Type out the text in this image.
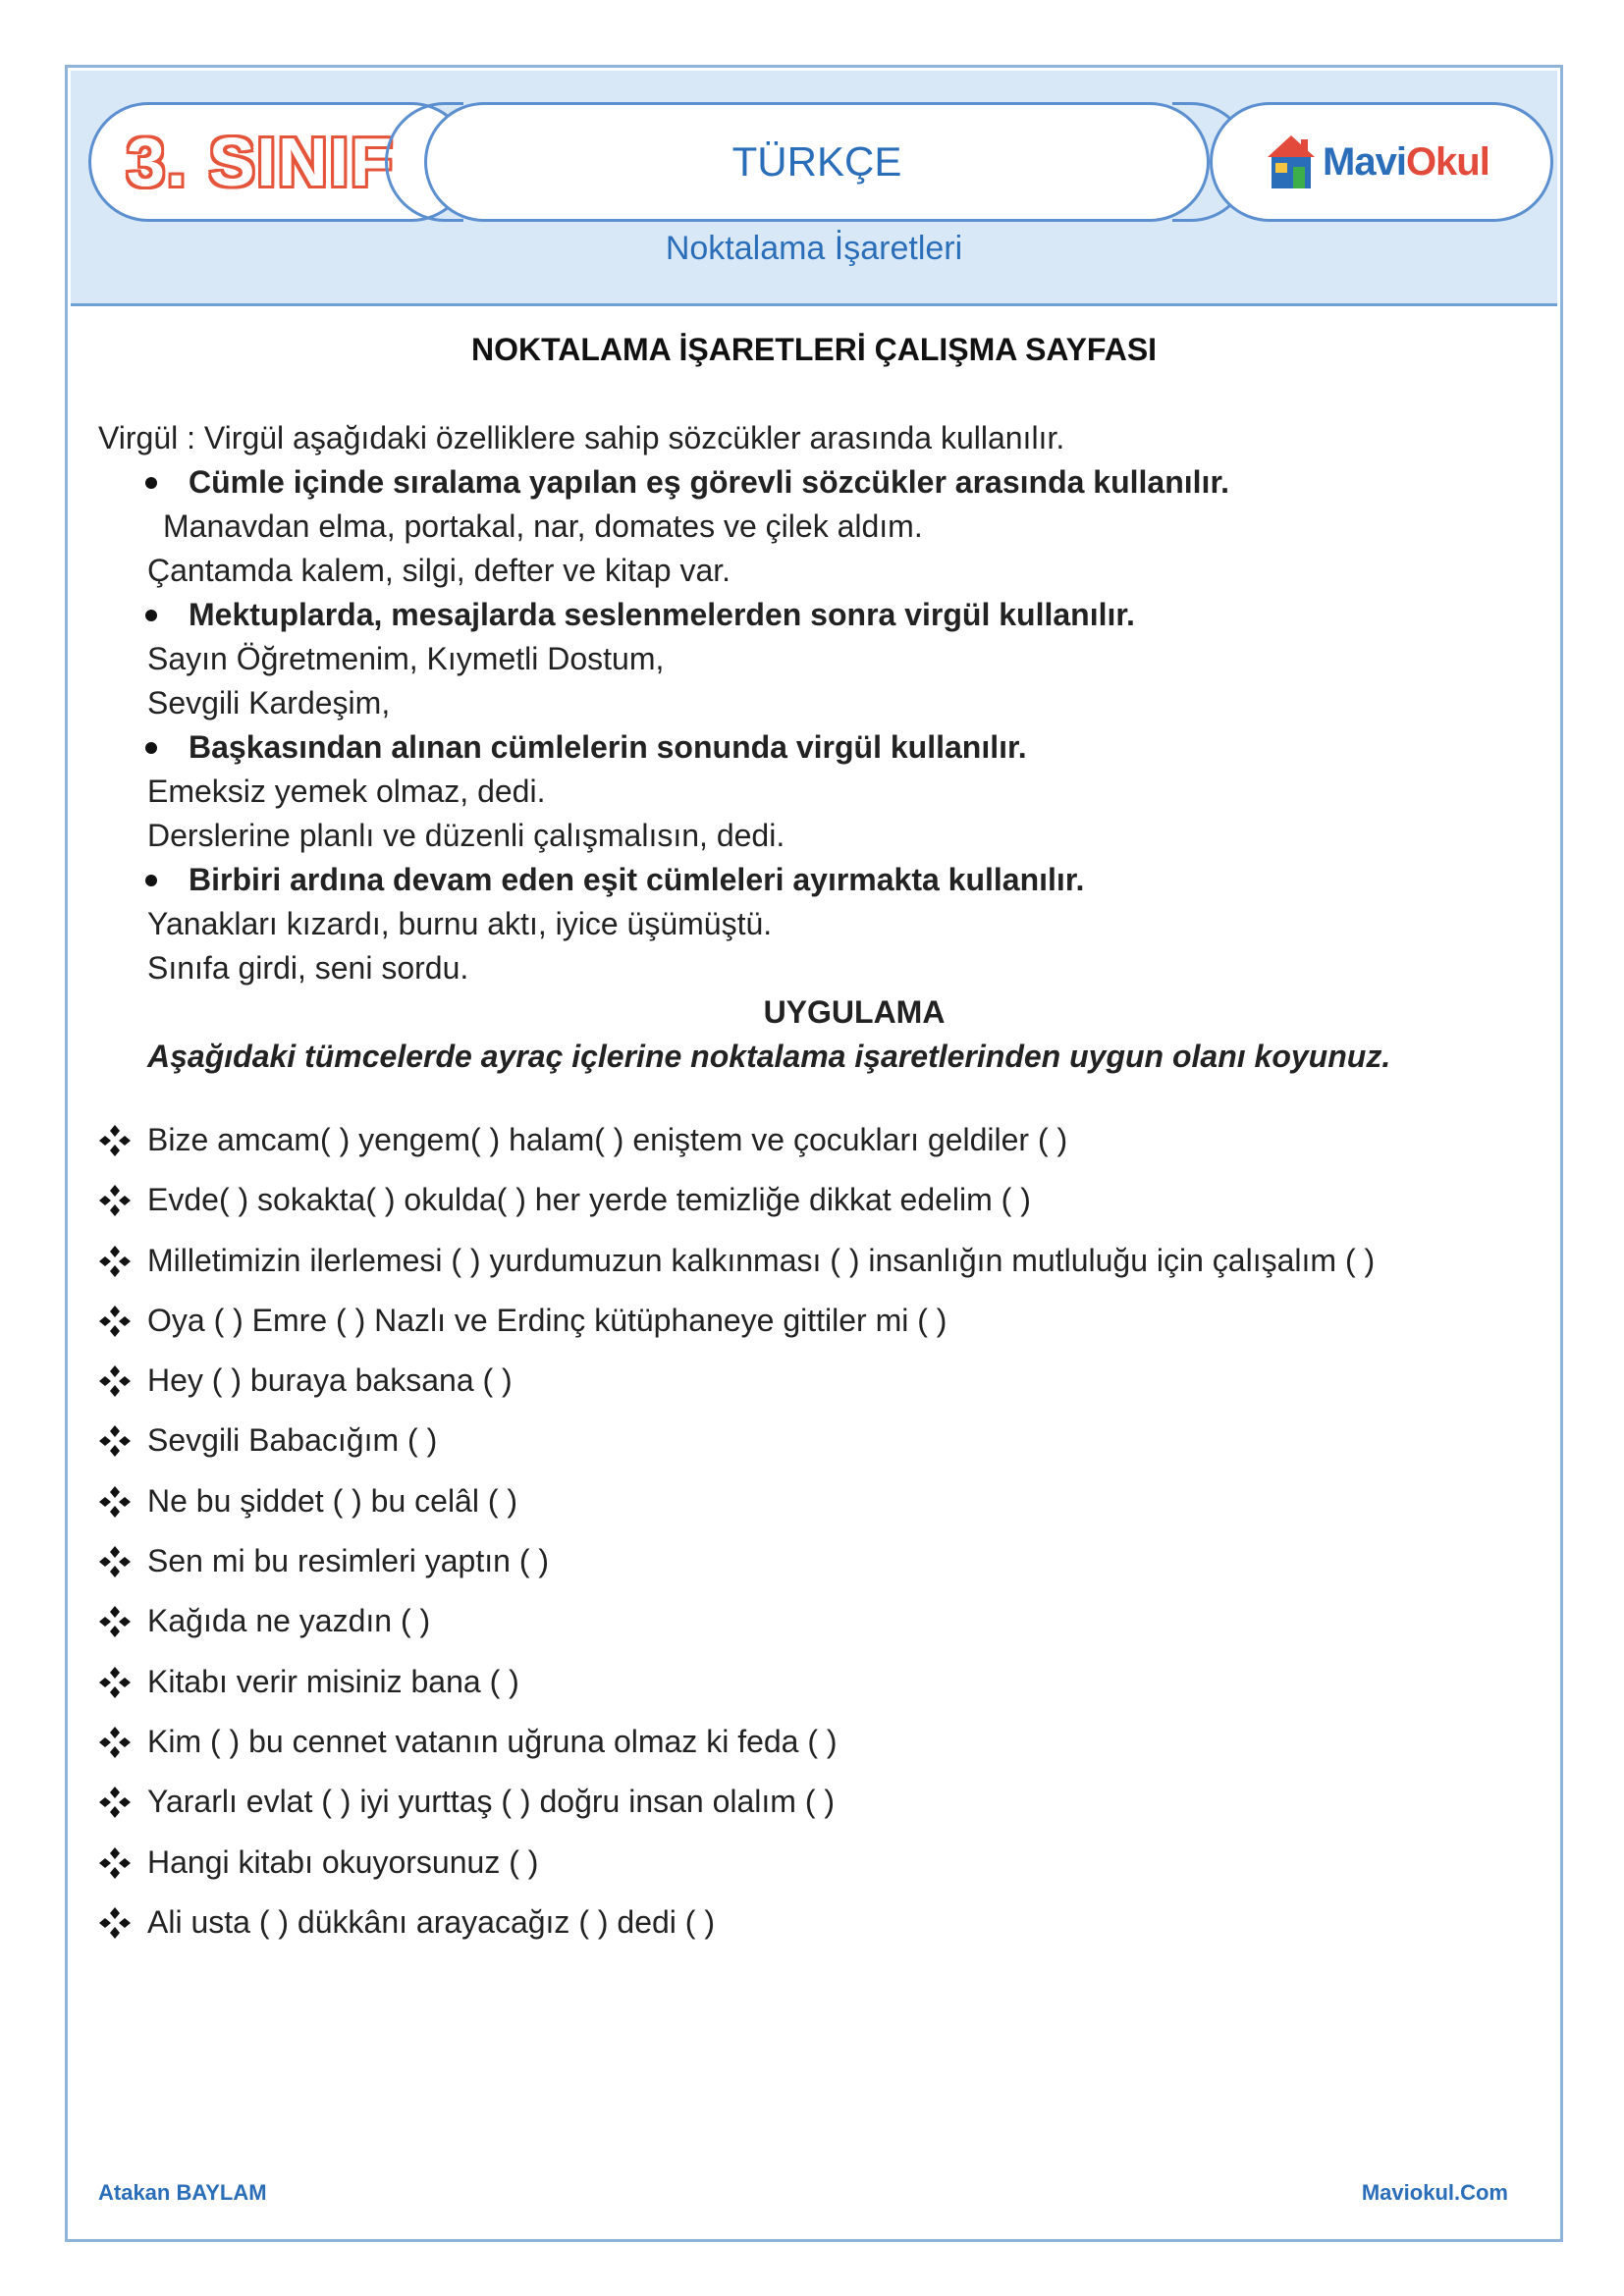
3. SINIF	TÜRKÇE	MaviOkul
Noktalama İşaretleri
NOKTALAMA İŞARETLERİ ÇALIŞMA SAYFASI
Virgül : Virgül aşağıdaki özelliklere sahip sözcükler arasında kullanılır.
Cümle içinde sıralama yapılan eş görevli sözcükler arasında kullanılır.
Manavdan elma, portakal, nar, domates ve çilek aldım.
Çantamda kalem, silgi, defter ve kitap var.
Mektuplarda, mesajlarda seslenmelerden sonra virgül kullanılır.
Sayın Öğretmenim, Kıymetli Dostum,
Sevgili Kardeşim,
Başkasından alınan cümlelerin sonunda virgül kullanılır.
Emeksiz yemek olmaz, dedi.
Derslerine planlı ve düzenli çalışmalısın, dedi.
Birbiri ardına devam eden eşit cümleleri ayırmakta kullanılır.
Yanakları kızardı, burnu aktı, iyice üşümüştü.
Sınıfa girdi, seni sordu.
UYGULAMA
Aşağıdaki tümcelerde ayraç içlerine noktalama işaretlerinden uygun olanı koyunuz.
Bize amcam( ) yengem( ) halam( ) eniştem ve çocukları geldiler ( )
Evde( ) sokakta( ) okulda( ) her yerde temizliğe dikkat edelim ( )
Milletimizin ilerlemesi ( ) yurdumuzun kalkınması ( ) insanlığın mutluluğu için çalışalım ( )
Oya ( ) Emre ( ) Nazlı ve Erdinç kütüphaneye gittiler mi ( )
Hey ( ) buraya baksana ( )
Sevgili Babacığım ( )
Ne bu şiddet ( ) bu celâl ( )
Sen mi bu resimleri yaptın ( )
Kağıda ne yazdın ( )
Kitabı verir misiniz bana ( )
Kim ( ) bu cennet vatanın uğruna olmaz ki feda ( )
Yararlı evlat ( ) iyi yurttaş ( ) doğru insan olalım ( )
Hangi kitabı okuyorsunuz ( )
Ali usta ( ) dükkânı arayacağız ( ) dedi ( )
Atakan BAYLAM	Maviokul.Com
